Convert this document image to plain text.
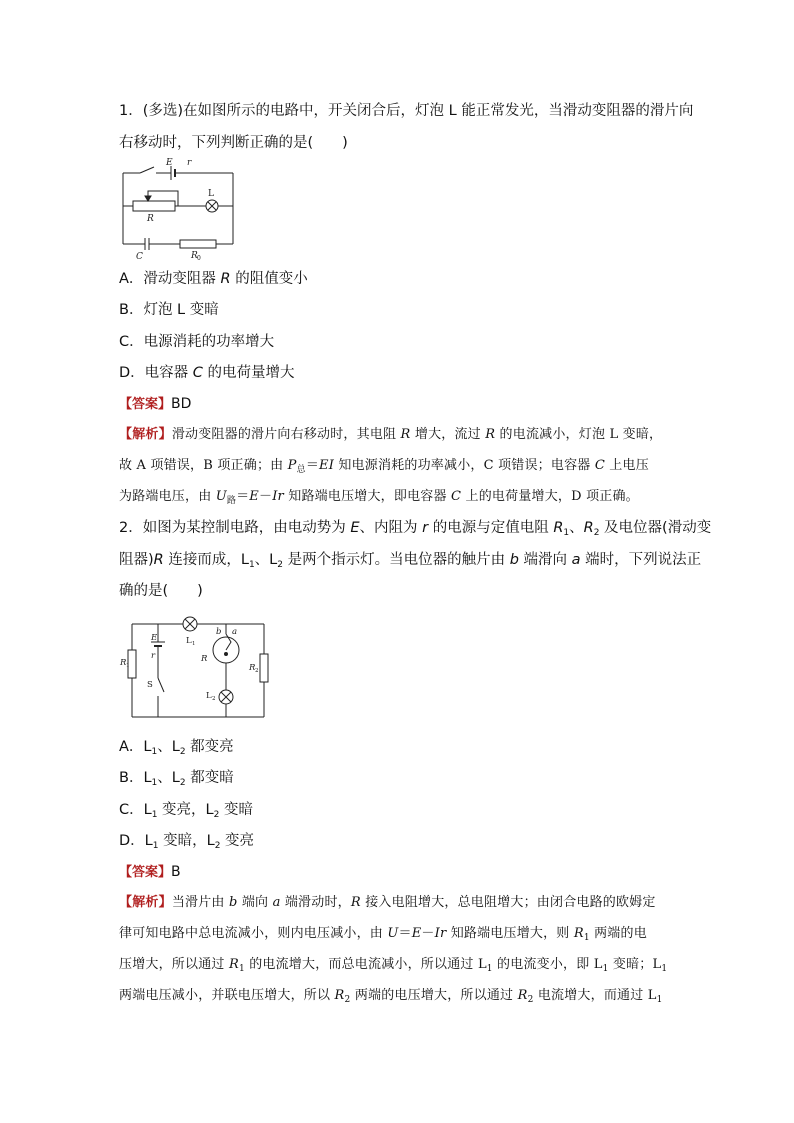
1．(多选)在如图所示的电路中，开关闭合后，灯泡 L 能正常发光，当滑动变阻器的滑片向
右移动时，下列判断正确的是(　　)
E r
R
C	R 0
L
A．滑动变阻器 R 的阻值变小
B．灯泡 L 变暗
C．电源消耗的功率增大
D．电容器 C 的电荷量增大
【答案】BD
【解析】滑动变阻器的滑片向右移动时，其电阻 R 增大，流过 R 的电流减小，灯泡 L 变暗，
故 A 项错误，B 项正确；由 $P_总=EI$ 知电源消耗的功率减小，C 项错误；电容器 C 上电压
为路端电压，由 $U_路=E-Ir$ 知路端电压增大，即电容器 C 上的电荷量增大，D 项正确。
2．如图为某控制电路，由电动势为 E、内阻为 r 的电源与定值电阻 $R_1$、$R_2$ 及电位器(滑动变
阻器)R 连接而成，$L_1$、$L_2$ 是两个指示灯。当电位器的触片由 b 端滑向 a 端时，下列说法正
确的是(　　)
E
r
R	R
R
b a
S
L 1
L 2
1
2
A．$L_1$、$L_2$ 都变亮
B．$L_1$、$L_2$ 都变暗
C．$L_1$ 变亮，$L_2$ 变暗
D．$L_1$ 变暗，$L_2$ 变亮
【答案】B
【解析】当滑片由 b 端向 a 端滑动时，R 接入电阻增大，总电阻增大；由闭合电路的欧姆定
律可知电路中总电流减小，则内电压减小，由 U＝E－Ir 知路端电压增大，则 $R_1$ 两端的电
压增大，所以通过 $R_1$ 的电流增大，而总电流减小，所以通过 $L_1$ 的电流变小，即 $L_1$ 变暗；$L_1$
两端电压减小，并联电压增大，所以 $R_2$ 两端的电压增大，所以通过 $R_2$ 电流增大，而通过 $L_1$
